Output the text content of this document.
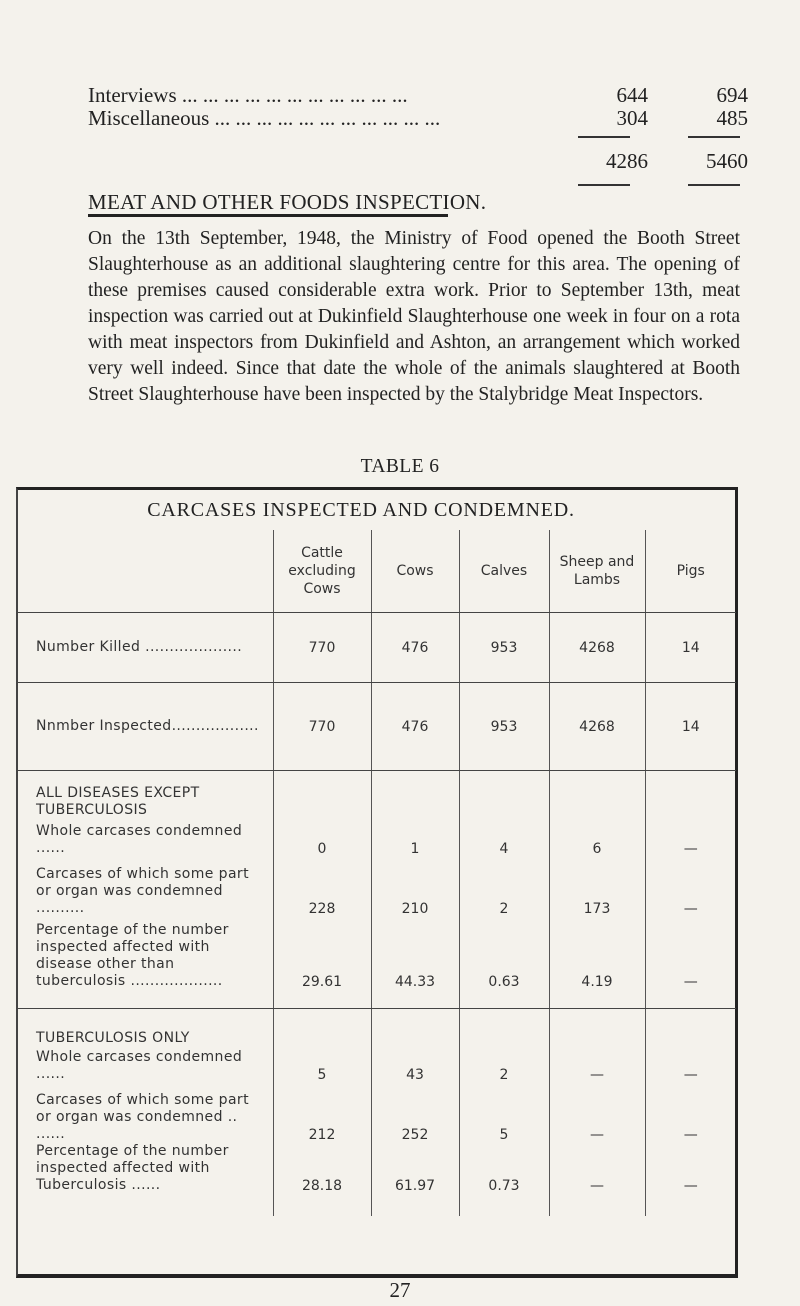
Interviews ... ... ... ... ... ... ... ... ... ... ...	644	694
Miscellaneous ... ... ... ... ... ... ... ... ... ... ...	304	485
4286	5460
MEAT AND OTHER FOODS INSPECTION.
On the 13th September, 1948, the Ministry of Food opened the Booth Street Slaughterhouse as an additional slaughtering centre for this area. The opening of these premises caused considerable extra work. Prior to September 13th, meat inspection was carried out at Dukinfield Slaughterhouse one week in four on a rota with meat inspectors from Dukinfield and Ashton, an arrangement which worked very well indeed. Since that date the whole of the animals slaughtered at Booth Street Slaughterhouse have been inspected by the Stalybridge Meat Inspectors.
TABLE 6
CARCASES INSPECTED AND CONDEMNED.
	Cattle excluding Cows	Cows	Calves	Sheep and Lambs	Pigs
Number Killed ....................	770	476	953	4268	14
Nnmber Inspected..................	770	476	953	4268	14
ALL DISEASES EXCEPT TUBERCULOSIS					
Whole carcases condemned ......	0	1	4	6	—
Carcases of which some part or organ was condemned ..........	228	210	2	173	—
Percentage of the number inspected affected with disease other than tuberculosis ...................	29.61	44.33	0.63	4.19	—
TUBERCULOSIS ONLY					
Whole carcases condemned ......	5	43	2	—	—
Carcases of which some part or organ was condemned .. ......	212	252	5	—	—
Percentage of the number inspected affected with Tuberculosis ......	28.18	61.97	0.73	—	—
27
